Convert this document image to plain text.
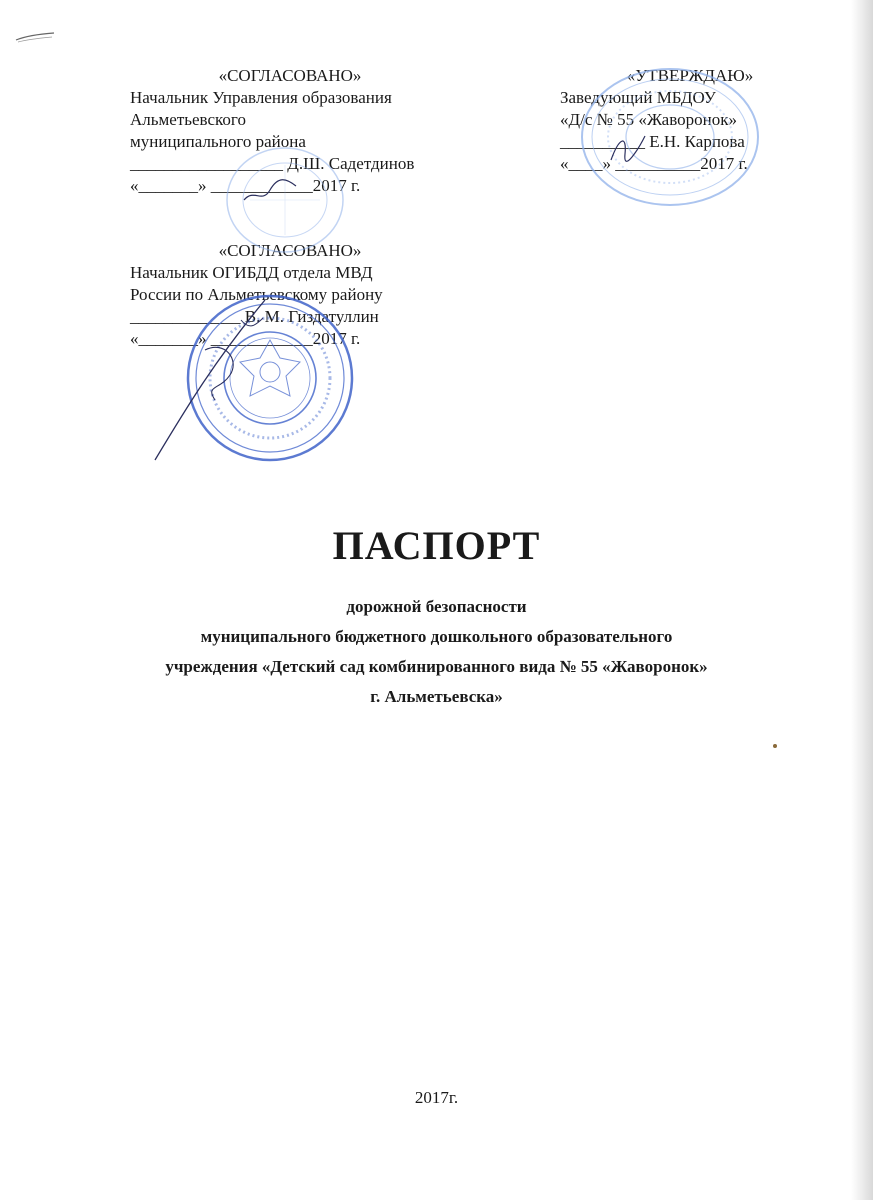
«СОГЛАСОВАНО»
Начальник Управления образования
Альметьевского
муниципального района
__________________ Д.Ш. Садетдинов
«_______» ____________2017 г.
«УТВЕРЖДАЮ»
Заведующий МБДОУ
«Д/с № 55 «Жаворонок»
__________ Е.Н. Карпова
«____» __________2017 г.
«СОГЛАСОВАНО»
Начальник ОГИБДД отдела МВД
России по Альметьевскому району
_____________ В. М. Гиздатуллин
«_______» ____________2017 г.
ПАСПОРТ
дорожной безопасности
муниципального бюджетного дошкольного образовательного
учреждения «Детский сад комбинированного вида № 55 «Жаворонок»
г. Альметьевска»
2017г.
